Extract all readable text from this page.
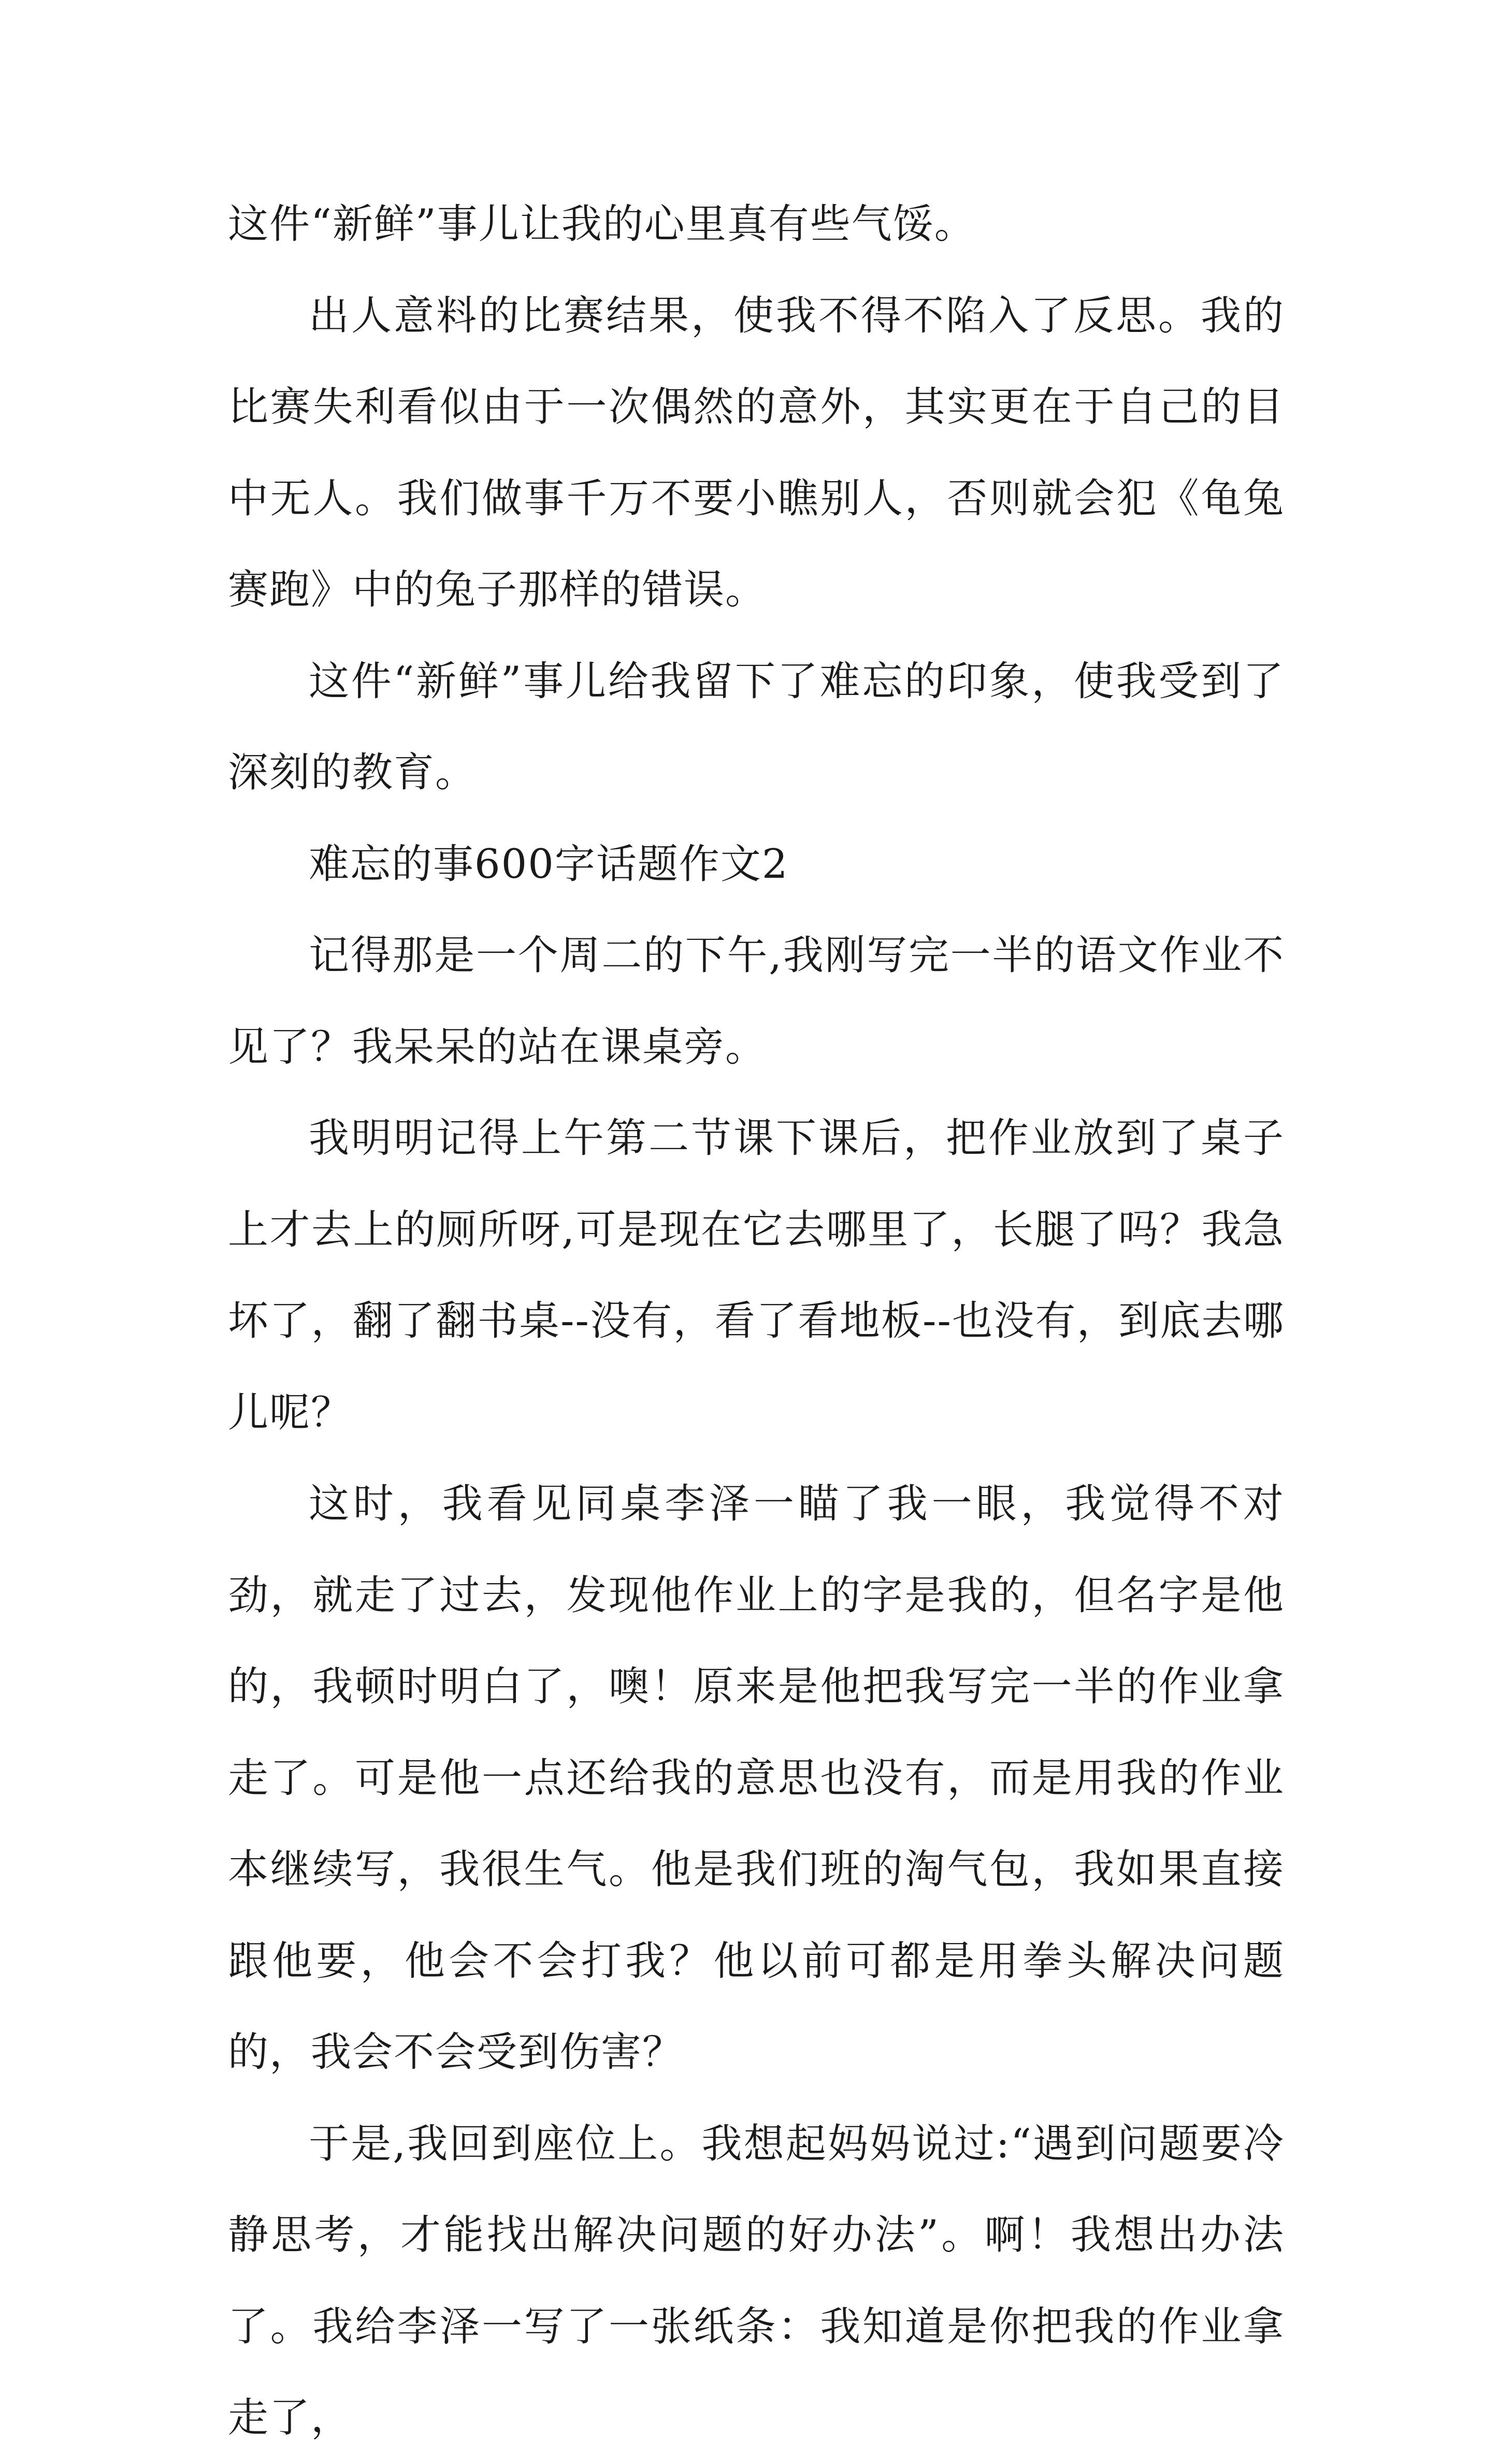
这件“新鲜”事儿让我的心里真有些气馁。

出人意料的比赛结果，使我不得不陷入了反思。我的比赛失利看似由于一次偶然的意外，其实更在于自己的目中无人。我们做事千万不要小瞧别人，否则就会犯《龟兔赛跑》中的兔子那样的错误。

这件“新鲜”事儿给我留下了难忘的印象，使我受到了深刻的教育。

难忘的事600字话题作文2

记得那是一个周二的下午,我刚写完一半的语文作业不见了？我呆呆的站在课桌旁。

我明明记得上午第二节课下课后，把作业放到了桌子上才去上的厕所呀,可是现在它去哪里了，长腿了吗？我急坏了，翻了翻书桌--没有，看了看地板--也没有，到底去哪儿呢？

这时，我看见同桌李泽一瞄了我一眼，我觉得不对劲，就走了过去，发现他作业上的字是我的，但名字是他的，我顿时明白了，噢！原来是他把我写完一半的作业拿走了。可是他一点还给我的意思也没有，而是用我的作业本继续写，我很生气。他是我们班的淘气包，我如果直接跟他要，他会不会打我？他以前可都是用拳头解决问题的，我会不会受到伤害？

于是,我回到座位上。我想起妈妈说过:“遇到问题要冷静思考，才能找出解决问题的好办法”。啊！我想出办法了。我给李泽一写了一张纸条：我知道是你把我的作业拿走了，
